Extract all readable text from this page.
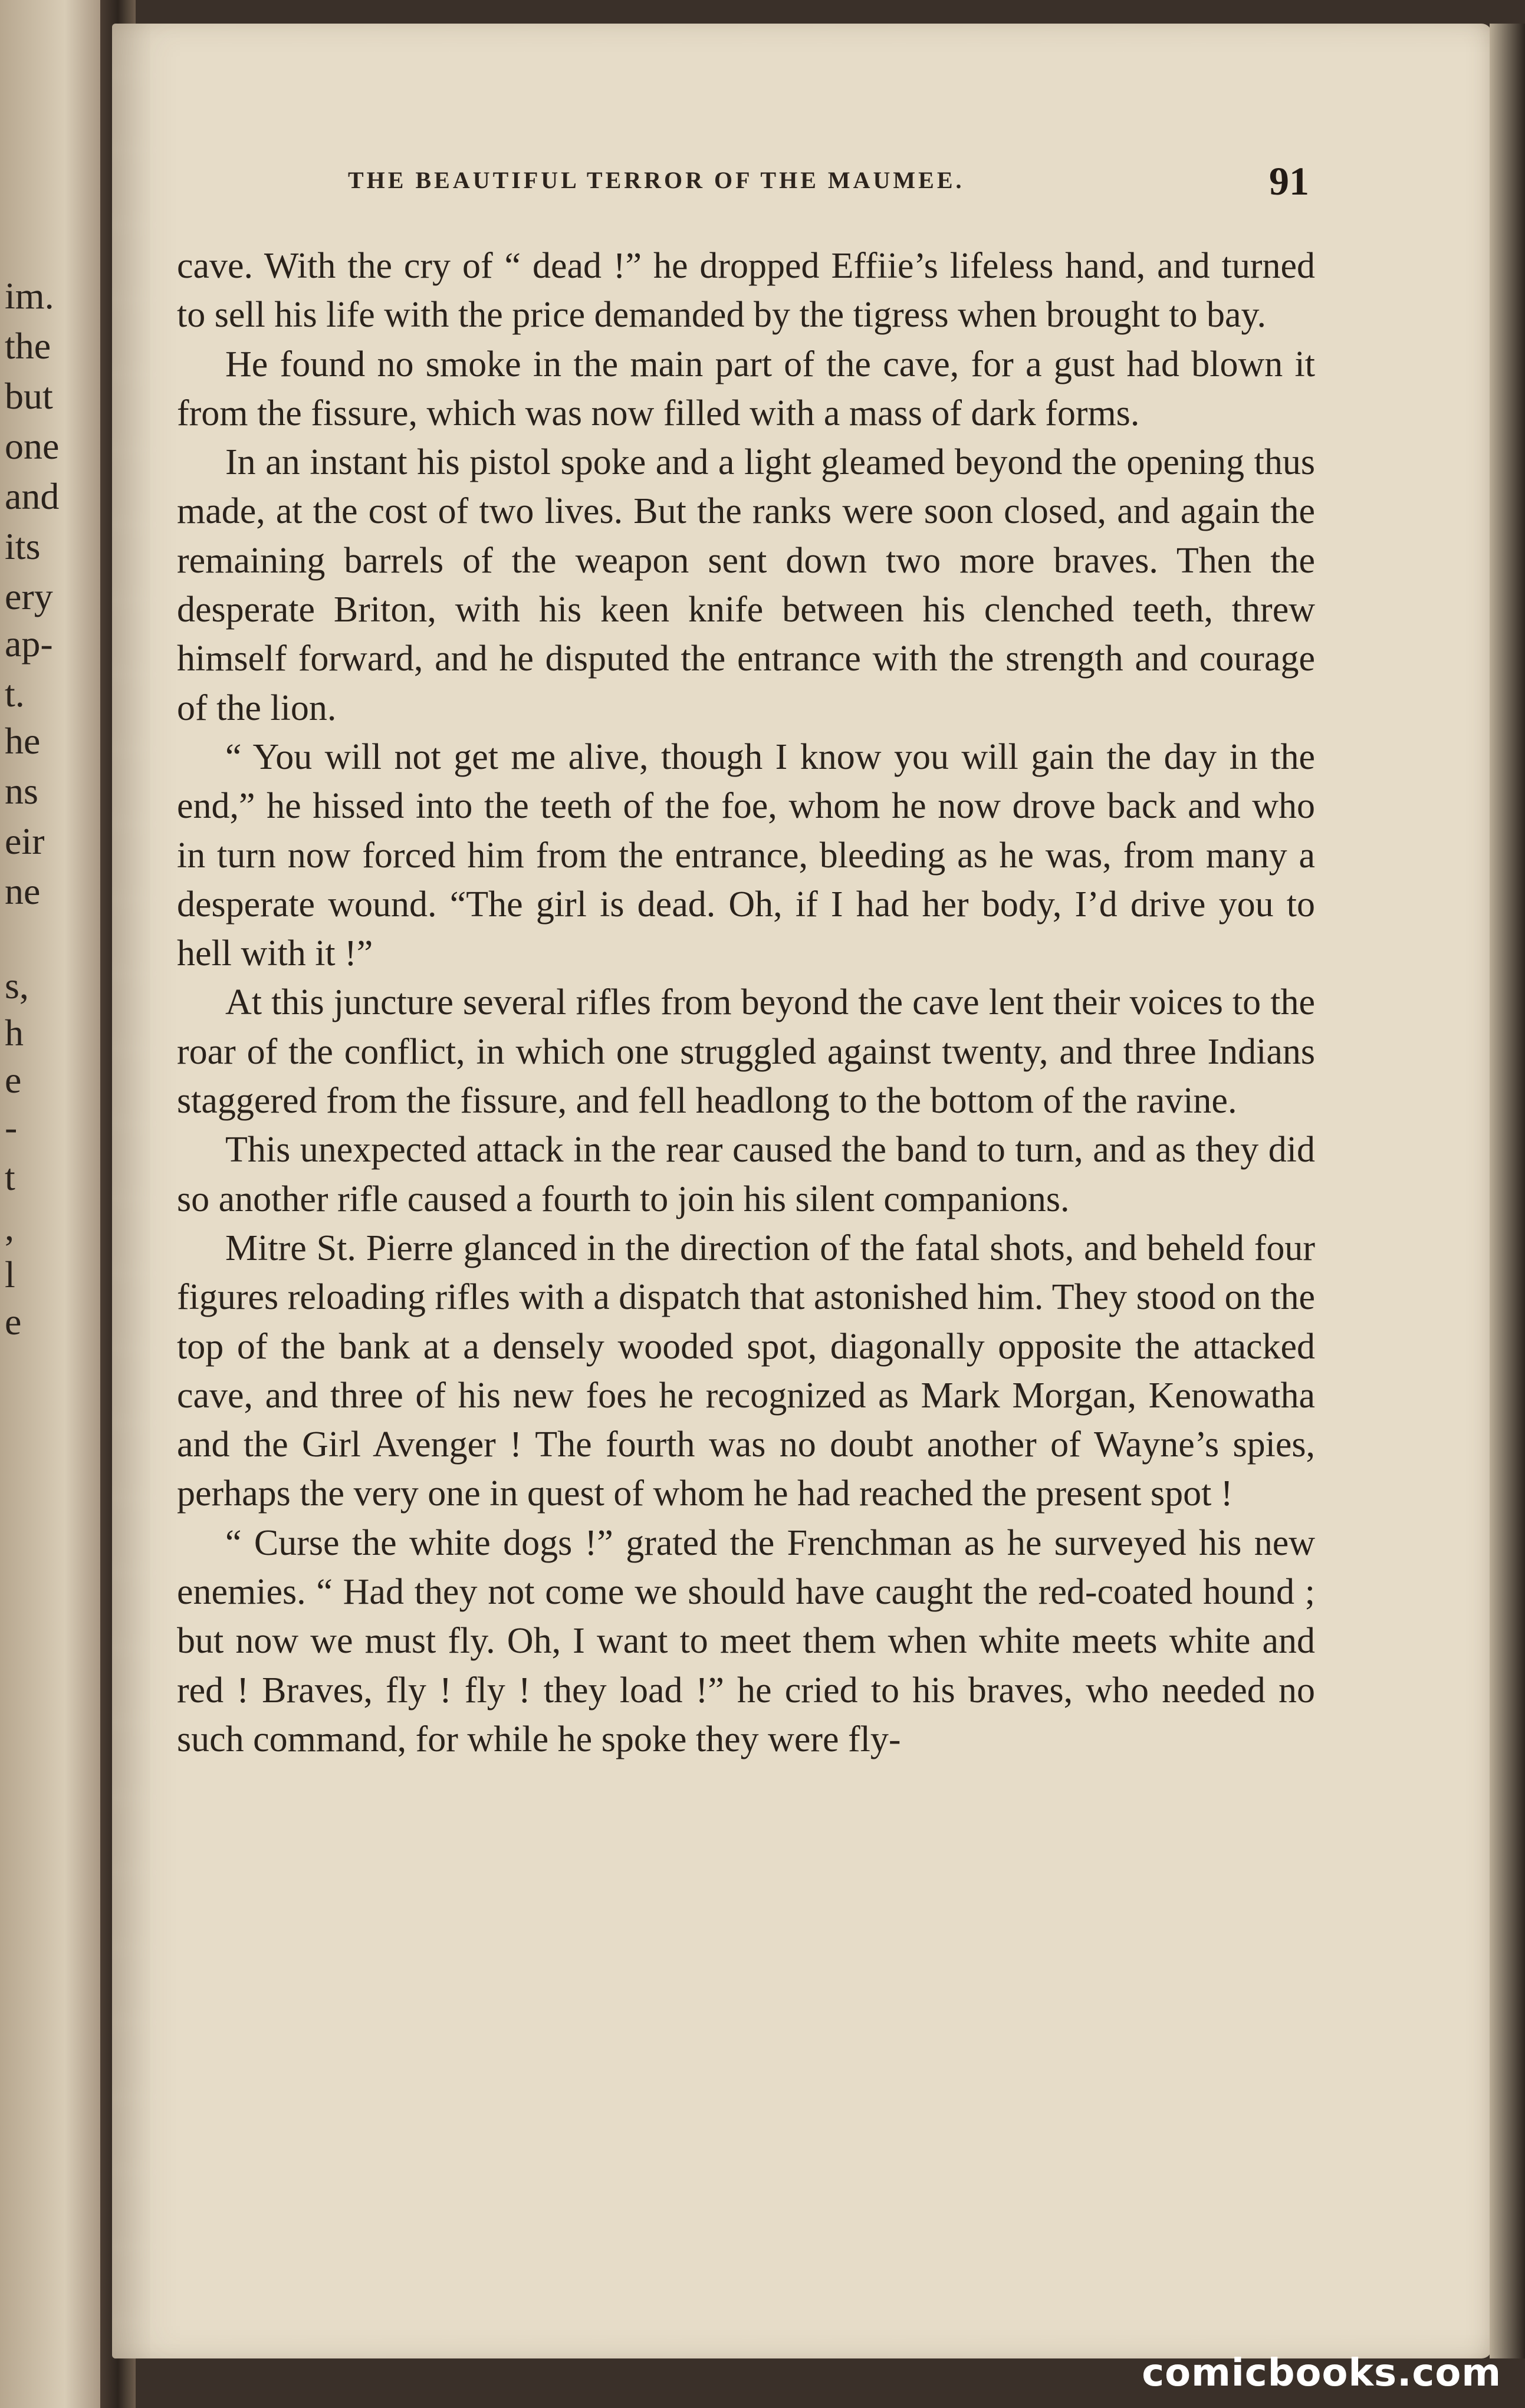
im.
the
but
one
and
its
ery
ap-
t.
he
ns
eir
ne
s,
h
e
-
t
,
l
e
THE BEAUTIFUL TERROR OF THE MAUMEE.	91

cave. With the cry of “ dead !” he dropped Effiie’s lifeless hand, and turned to sell his life with the price demanded by the tigress when brought to bay.

He found no smoke in the main part of the cave, for a gust had blown it from the fissure, which was now filled with a mass of dark forms.

In an instant his pistol spoke and a light gleamed beyond the opening thus made, at the cost of two lives. But the ranks were soon closed, and again the remaining barrels of the weapon sent down two more braves. Then the desperate Briton, with his keen knife between his clenched teeth, threw himself forward, and he disputed the entrance with the strength and courage of the lion.

“ You will not get me alive, though I know you will gain the day in the end,” he hissed into the teeth of the foe, whom he now drove back and who in turn now forced him from the entrance, bleeding as he was, from many a desperate wound. “The girl is dead. Oh, if I had her body, I’d drive you to hell with it !”

At this juncture several rifles from beyond the cave lent their voices to the roar of the conflict, in which one struggled against twenty, and three Indians staggered from the fissure, and fell headlong to the bottom of the ravine.

This unexpected attack in the rear caused the band to turn, and as they did so another rifle caused a fourth to join his silent companions.

Mitre St. Pierre glanced in the direction of the fatal shots, and beheld four figures reloading rifles with a dispatch that astonished him. They stood on the top of the bank at a densely wooded spot, diagonally opposite the attacked cave, and three of his new foes he recognized as Mark Morgan, Kenowatha and the Girl Avenger ! The fourth was no doubt another of Wayne’s spies, perhaps the very one in quest of whom he had reached the present spot !

“ Curse the white dogs !” grated the Frenchman as he surveyed his new enemies. “ Had they not come we should have caught the red-coated hound ; but now we must fly. Oh, I want to meet them when white meets white and red ! Braves, fly ! fly ! they load !” he cried to his braves, who needed no such command, for while he spoke they were fly-

comicbooks.com
